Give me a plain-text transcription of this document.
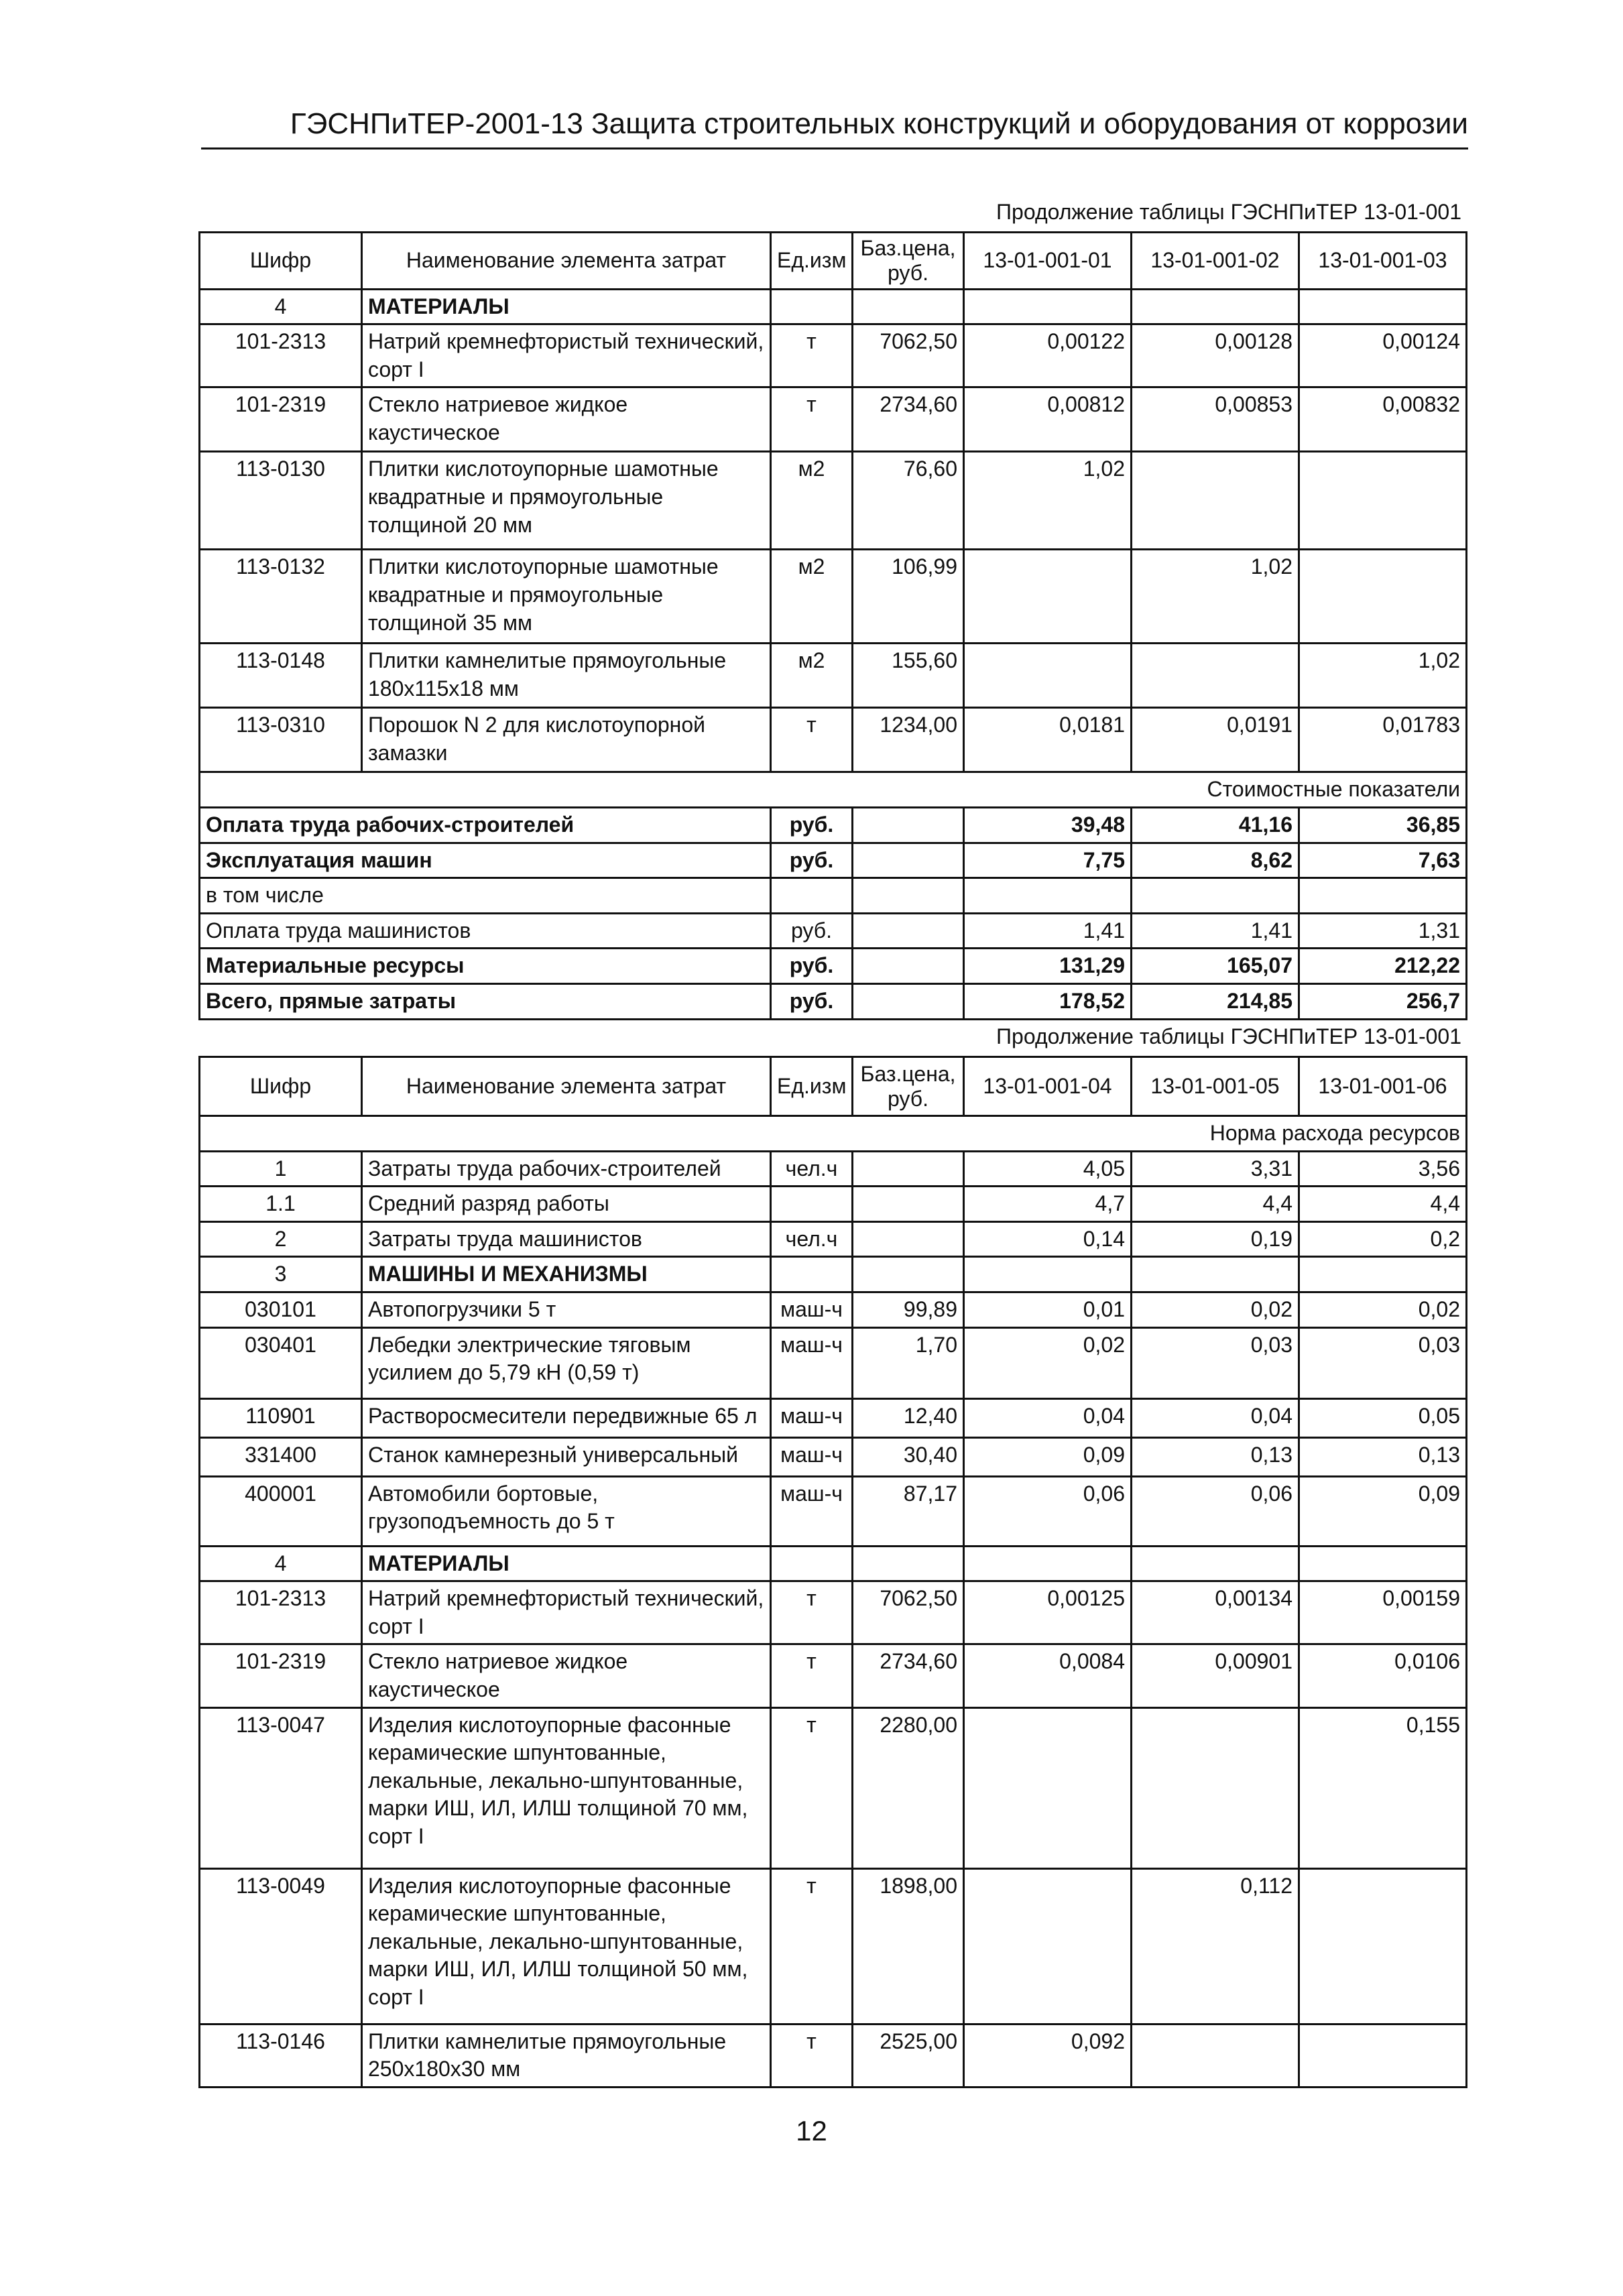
ГЭСНПиТЕР-2001-13 Защита строительных конструкций и оборудования от коррозии
Продолжение таблицы ГЭСНПиТЕР 13-01-001
Шифр	Наименование элемента затрат	Ед.изм	Баз.цена, руб.	13-01-001-01	13-01-001-02	13-01-001-03
4	МАТЕРИАЛЫ					
101-2313	Натрий кремнефтористый технический, сорт I	т	7062,50	0,00122	0,00128	0,00124
101-2319	Стекло натриевое жидкое каустическое	т	2734,60	0,00812	0,00853	0,00832
113-0130	Плитки кислотоупорные шамотные квадратные и прямоугольные толщиной 20 мм	м2	76,60	1,02		
113-0132	Плитки кислотоупорные шамотные квадратные и прямоугольные толщиной 35 мм	м2	106,99		1,02	
113-0148	Плитки камнелитые прямоугольные 180х115х18 мм	м2	155,60			1,02
113-0310	Порошок N 2 для кислотоупорной замазки	т	1234,00	0,0181	0,0191	0,01783
Стоимостные показатели						
Оплата труда рабочих-строителей		руб.		39,48	41,16	36,85
Эксплуатация машин		руб.		7,75	8,62	7,63
в том числе						
Оплата труда машинистов		руб.		1,41	1,41	1,31
Материальные ресурсы		руб.		131,29	165,07	212,22
Всего, прямые затраты		руб.		178,52	214,85	256,7
Продолжение таблицы ГЭСНПиТЕР 13-01-001
Шифр	Наименование элемента затрат	Ед.изм	Баз.цена, руб.	13-01-001-04	13-01-001-05	13-01-001-06
Норма расхода ресурсов						
1	Затраты труда рабочих-строителей	чел.ч		4,05	3,31	3,56
1.1	Средний разряд работы			4,7	4,4	4,4
2	Затраты труда машинистов	чел.ч		0,14	0,19	0,2
3	МАШИНЫ И МЕХАНИЗМЫ					
030101	Автопогрузчики 5 т	маш-ч	99,89	0,01	0,02	0,02
030401	Лебедки электрические тяговым усилием до 5,79 кН (0,59 т)	маш-ч	1,70	0,02	0,03	0,03
110901	Растворосмесители передвижные 65 л	маш-ч	12,40	0,04	0,04	0,05
331400	Станок камнерезный универсальный	маш-ч	30,40	0,09	0,13	0,13
400001	Автомобили бортовые, грузоподъемность до 5 т	маш-ч	87,17	0,06	0,06	0,09
4	МАТЕРИАЛЫ					
101-2313	Натрий кремнефтористый технический, сорт I	т	7062,50	0,00125	0,00134	0,00159
101-2319	Стекло натриевое жидкое каустическое	т	2734,60	0,0084	0,00901	0,0106
113-0047	Изделия кислотоупорные фасонные керамические шпунтованные, лекальные, лекально-шпунтованные, марки ИШ, ИЛ, ИЛШ толщиной 70 мм, сорт I	т	2280,00			0,155
113-0049	Изделия кислотоупорные фасонные керамические шпунтованные, лекальные, лекально-шпунтованные, марки ИШ, ИЛ, ИЛШ толщиной 50 мм, сорт I	т	1898,00		0,112	
113-0146	Плитки камнелитые прямоугольные 250х180х30 мм	т	2525,00	0,092		
12
